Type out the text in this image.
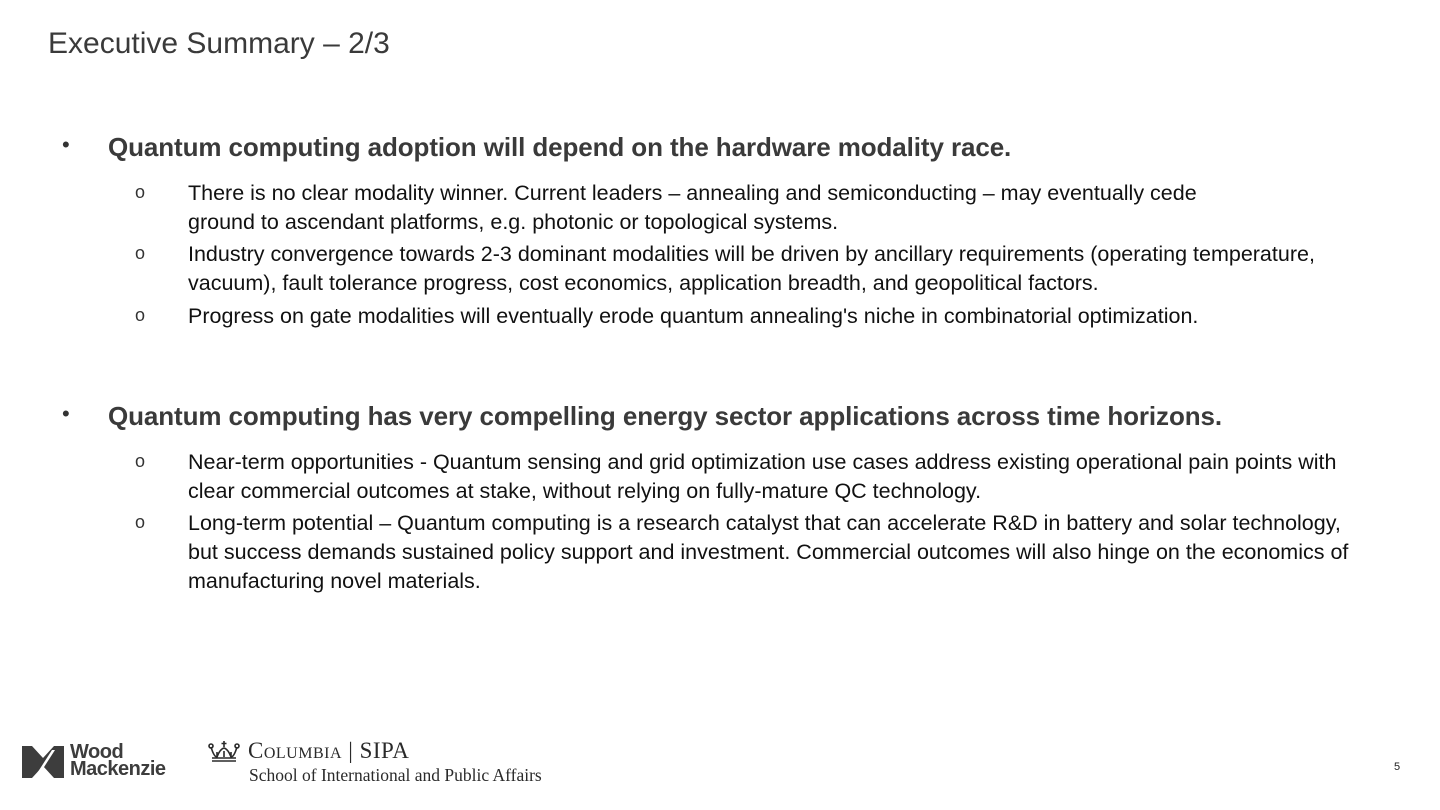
Executive Summary – 2/3
• Quantum computing adoption will depend on the hardware modality race.
o There is no clear modality winner. Current leaders – annealing and semiconducting – may eventually cede ground to ascendant platforms, e.g. photonic or topological systems.
o Industry convergence towards 2-3 dominant modalities will be driven by ancillary requirements (operating temperature, vacuum), fault tolerance progress, cost economics, application breadth, and geopolitical factors.
o Progress on gate modalities will eventually erode quantum annealing's niche in combinatorial optimization.
• Quantum computing has very compelling energy sector applications across time horizons.
o Near-term opportunities - Quantum sensing and grid optimization use cases address existing operational pain points with clear commercial outcomes at stake, without relying on fully-mature QC technology.
o Long-term potential – Quantum computing is a research catalyst that can accelerate R&D in battery and solar technology, but success demands sustained policy support and investment. Commercial outcomes will also hinge on the economics of manufacturing novel materials.
Wood
Mackenzie
Columbia | SIPA
School of International and Public Affairs	5
